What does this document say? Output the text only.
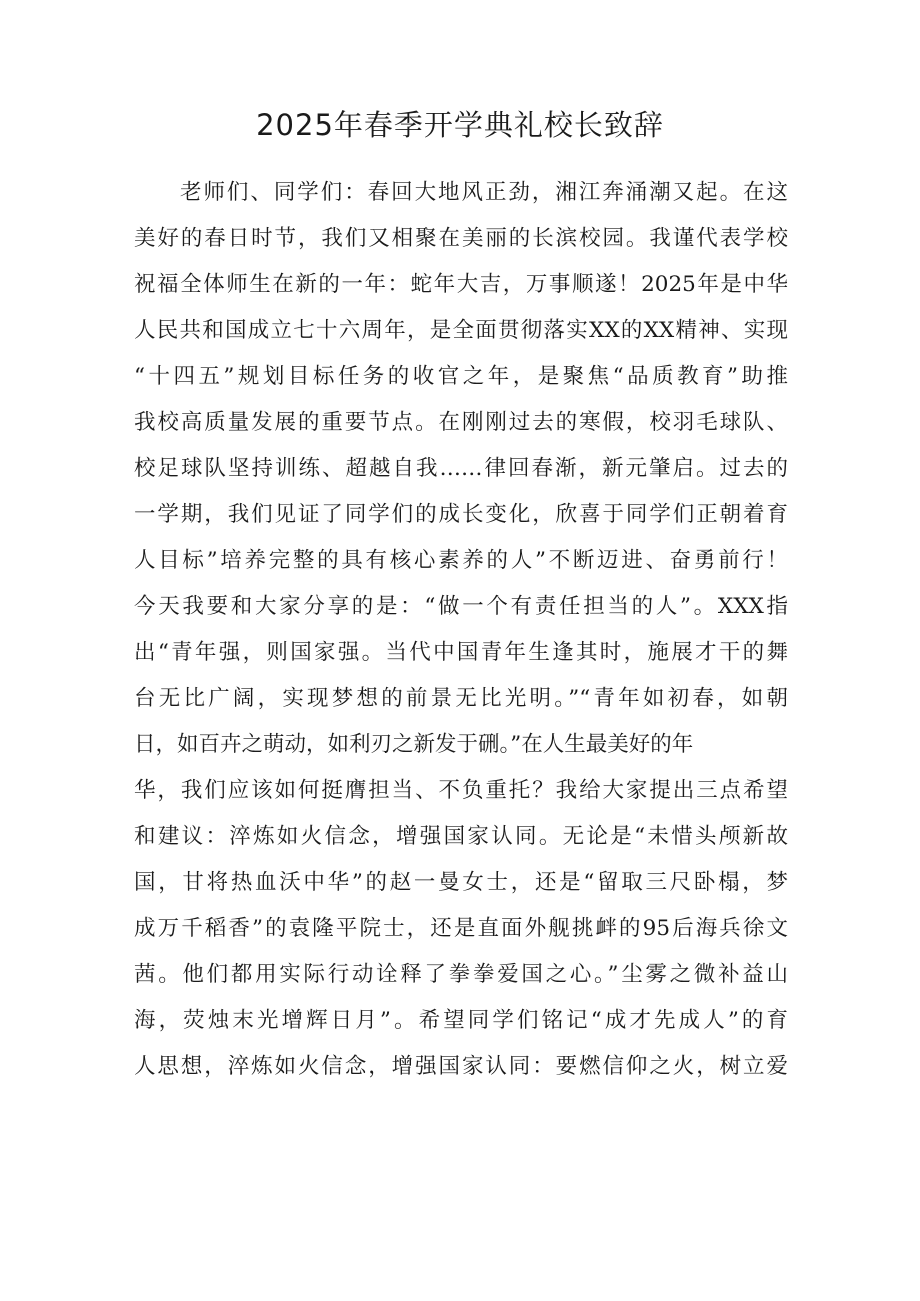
2025年春季开学典礼校长致辞
老师们、同学们：春回大地风正劲，湘江奔涌潮又起。在这
美好的春日时节，我们又相聚在美丽的长滨校园。我谨代表学校
祝福全体师生在新的一年：蛇年大吉，万事顺遂！2025年是中华
人民共和国成立七十六周年，是全面贯彻落实XX的XX精神、实现
“十四五”规划目标任务的收官之年，是聚焦“品质教育”助推
我校高质量发展的重要节点。在刚刚过去的寒假，校羽毛球队、
校足球队坚持训练、超越自我……律回春渐，新元肇启。过去的
一学期，我们见证了同学们的成长变化，欣喜于同学们正朝着育
人目标”培养完整的具有核心素养的人”不断迈进、奋勇前行！
今天我要和大家分享的是：“做一个有责任担当的人”。XXX指
出“青年强，则国家强。当代中国青年生逢其时，施展才干的舞
台无比广阔，实现梦想的前景无比光明。”“青年如初春，如朝
日，如百卉之萌动，如利刃之新发于硎。”在人生最美好的年
华，我们应该如何挺膺担当、不负重托？我给大家提出三点希望
和建议：淬炼如火信念，增强国家认同。无论是“未惜头颅新故
国，甘将热血沃中华”的赵一曼女士，还是“留取三尺卧榻，梦
成万千稻香”的袁隆平院士，还是直面外舰挑衅的95后海兵徐文
茜。他们都用实际行动诠释了拳拳爱国之心。”尘雾之微补益山
海，荧烛末光增辉日月”。希望同学们铭记“成才先成人”的育
人思想，淬炼如火信念，增强国家认同：要燃信仰之火，树立爱
